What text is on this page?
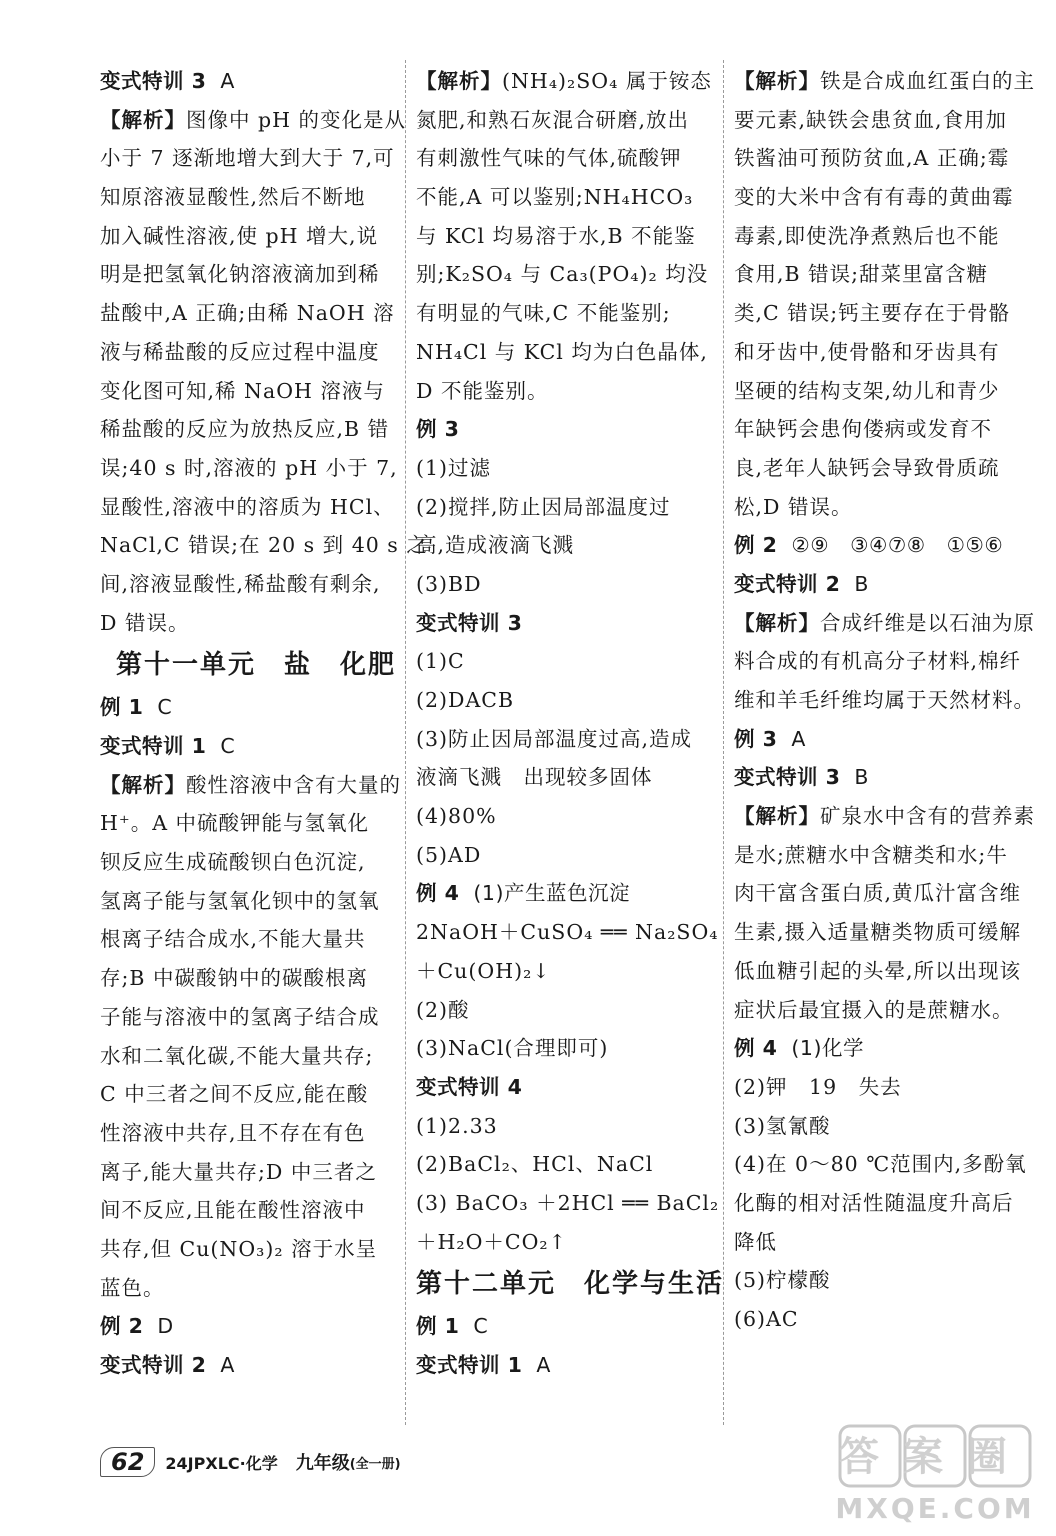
变式特训 3 A
【解析】图像中 pH 的变化是从
小于 7 逐渐地增大到大于 7,可
知原溶液显酸性,然后不断地
加入碱性溶液,使 pH 增大,说
明是把氢氧化钠溶液滴加到稀
盐酸中,A 正确;由稀 NaOH 溶
液与稀盐酸的反应过程中温度
变化图可知,稀 NaOH 溶液与
稀盐酸的反应为放热反应,B 错
误;40 s 时,溶液的 pH 小于 7,
显酸性,溶液中的溶质为 HCl、
NaCl,C 错误;在 20 s 到 40 s 之
间,溶液显酸性,稀盐酸有剩余,
D 错误。
第十一单元　盐　化肥
例 1 C
变式特训 1 C
【解析】酸性溶液中含有大量的
H⁺。A 中硫酸钾能与氢氧化
钡反应生成硫酸钡白色沉淀,
氢离子能与氢氧化钡中的氢氧
根离子结合成水,不能大量共
存;B 中碳酸钠中的碳酸根离
子能与溶液中的氢离子结合成
水和二氧化碳,不能大量共存;
C 中三者之间不反应,能在酸
性溶液中共存,且不存在有色
离子,能大量共存;D 中三者之
间不反应,且能在酸性溶液中
共存,但 Cu(NO₃)₂ 溶于水呈
蓝色。
例 2 D
变式特训 2 A
【解析】(NH₄)₂SO₄ 属于铵态
氮肥,和熟石灰混合研磨,放出
有刺激性气味的气体,硫酸钾
不能,A 可以鉴别;NH₄HCO₃
与 KCl 均易溶于水,B 不能鉴
别;K₂SO₄ 与 Ca₃(PO₄)₂ 均没
有明显的气味,C 不能鉴别;
NH₄Cl 与 KCl 均为白色晶体,
D 不能鉴别。
例 3
(1)过滤
(2)搅拌,防止因局部温度过
高,造成液滴飞溅
(3)BD
变式特训 3
(1)C
(2)DACB
(3)防止因局部温度过高,造成
液滴飞溅　出现较多固体
(4)80%
(5)AD
例 4 (1)产生蓝色沉淀
2NaOH＋CuSO₄ ══ Na₂SO₄
＋Cu(OH)₂↓
(2)酸
(3)NaCl(合理即可)
变式特训 4
(1)2.33
(2)BaCl₂、HCl、NaCl
(3) BaCO₃ ＋2HCl ══ BaCl₂
＋H₂O＋CO₂↑
第十二单元　化学与生活
例 1 C
变式特训 1 A
【解析】铁是合成血红蛋白的主
要元素,缺铁会患贫血,食用加
铁酱油可预防贫血,A 正确;霉
变的大米中含有有毒的黄曲霉
毒素,即使洗净煮熟后也不能
食用,B 错误;甜菜里富含糖
类,C 错误;钙主要存在于骨骼
和牙齿中,使骨骼和牙齿具有
坚硬的结构支架,幼儿和青少
年缺钙会患佝偻病或发育不
良,老年人缺钙会导致骨质疏
松,D 错误。
例 2 ②⑨　③④⑦⑧　①⑤⑥
变式特训 2 B
【解析】合成纤维是以石油为原
料合成的有机高分子材料,棉纤
维和羊毛纤维均属于天然材料。
例 3 A
变式特训 3 B
【解析】矿泉水中含有的营养素
是水;蔗糖水中含糖类和水;牛
肉干富含蛋白质,黄瓜汁富含维
生素,摄入适量糖类物质可缓解
低血糖引起的头晕,所以出现该
症状后最宜摄入的是蔗糖水。
例 4 (1)化学
(2)钾　19　失去
(3)氢氰酸
(4)在 0～80 ℃范围内,多酚氧
化酶的相对活性随温度升高后
降低
(5)柠檬酸
(6)AC
62	24JPXLC·化学 九年级 (全一册)	答案圈
MXQE.COM
